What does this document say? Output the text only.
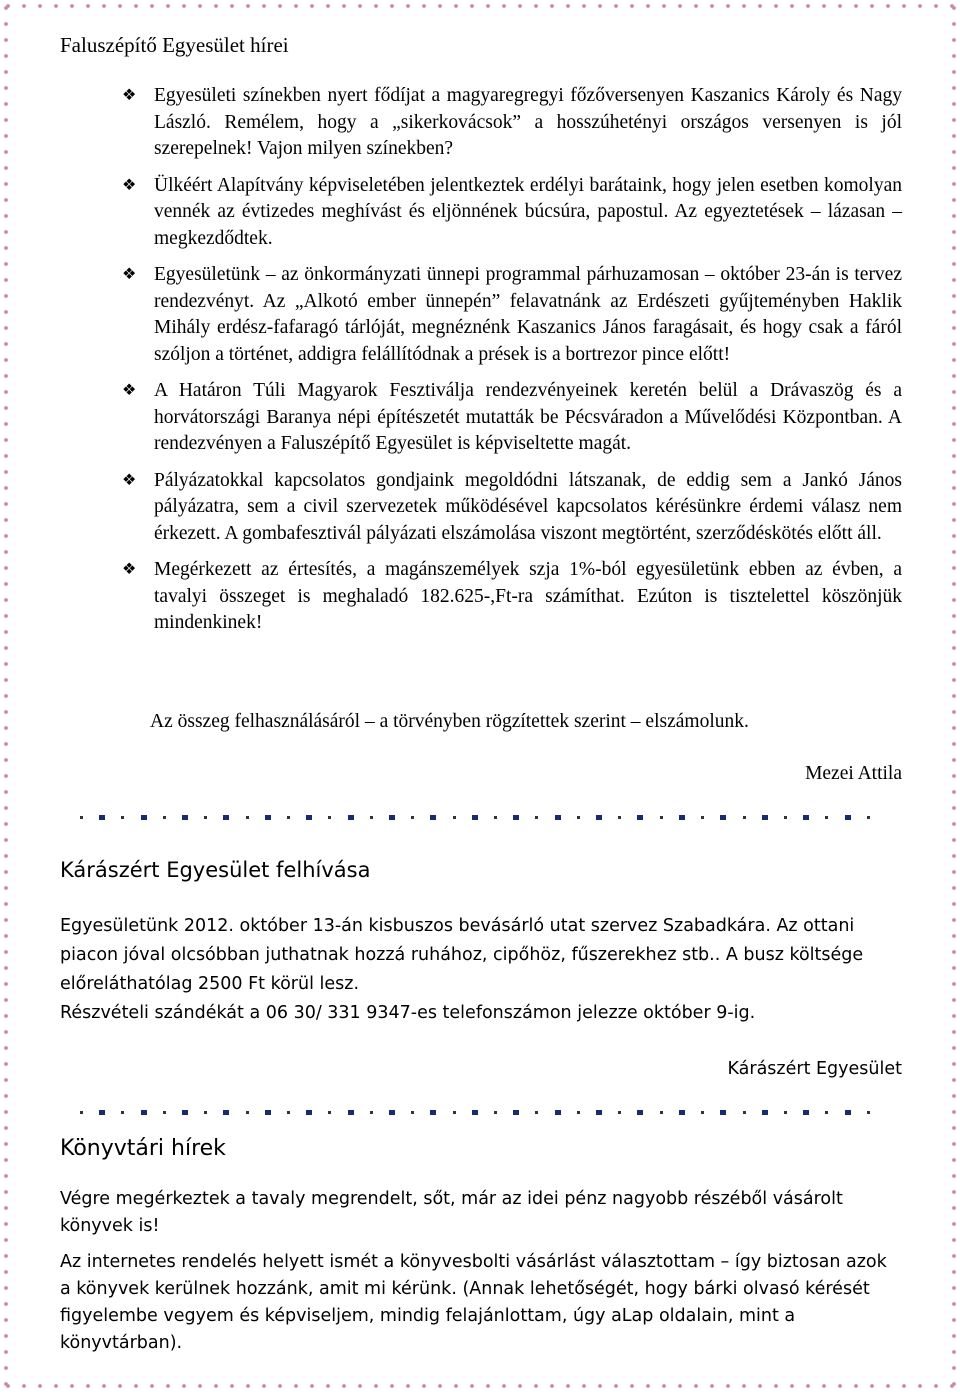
Faluszépítő Egyesület hírei
❖ Egyesületi színekben nyert fődíjat a magyaregregyi főzőversenyen Kaszanics Károly és Nagy László. Remélem, hogy a „sikerkovácsok” a hosszúhetényi országos versenyen is jól szerepelnek! Vajon milyen színekben?
❖ Ülkéért Alapítvány képviseletében jelentkeztek erdélyi barátaink, hogy jelen esetben komolyan vennék az évtizedes meghívást és eljönnének búcsúra, papostul. Az egyeztetések – lázasan – megkezdődtek.
❖ Egyesületünk – az önkormányzati ünnepi programmal párhuzamosan – október 23-án is tervez rendezvényt. Az „Alkotó ember ünnepén” felavatnánk az Erdészeti gyűjteményben Haklik Mihály erdész-fafaragó tárlóját, megnéznénk Kaszanics János faragásait, és hogy csak a fáról szóljon a történet, addigra felállítódnak a prések is a bortrezor pince előtt!
❖ A Határon Túli Magyarok Fesztiválja rendezvényeinek keretén belül a Drávaszög és a horvátországi Baranya népi építészetét mutatták be Pécsváradon a Művelődési Központban. A rendezvényen a Faluszépítő Egyesület is képviseltette magát.
❖ Pályázatokkal kapcsolatos gondjaink megoldódni látszanak, de eddig sem a Jankó János pályázatra, sem a civil szervezetek működésével kapcsolatos kérésünkre érdemi válasz nem érkezett. A gombafesztivál pályázati elszámolása viszont megtörtént, szerződéskötés előtt áll.
❖ Megérkezett az értesítés, a magánszemélyek szja 1%-ból egyesületünk ebben az évben, a tavalyi összeget is meghaladó 182.625-,Ft-ra számíthat. Ezúton is tisztelettel köszönjük mindenkinek!
Az összeg felhasználásáról – a törvényben rögzítettek szerint – elszámolunk.
Mezei Attila
Kárászért Egyesület felhívása

Egyesületünk 2012. október 13-án kisbuszos bevásárló utat szervez Szabadkára. Az ottani piacon jóval olcsóbban juthatnak hozzá ruhához, cipőhöz, fűszerekhez stb.. A busz költsége előreláthatólag 2500 Ft körül lesz.

Részvételi szándékát a 06 30/ 331 9347-es telefonszámon jelezze október 9-ig.

Kárászért Egyesület
Könyvtári hírek

Végre megérkeztek a tavaly megrendelt, sőt, már az idei pénz nagyobb részéből vásárolt könyvek is!

Az internetes rendelés helyett ismét a könyvesbolti vásárlást választottam – így biztosan azok a könyvek kerülnek hozzánk, amit mi kérünk. (Annak lehetőségét, hogy bárki olvasó kérését figyelembe vegyem és képviseljem, mindig felajánlottam, úgy aLap oldalain, mint a könyvtárban).
